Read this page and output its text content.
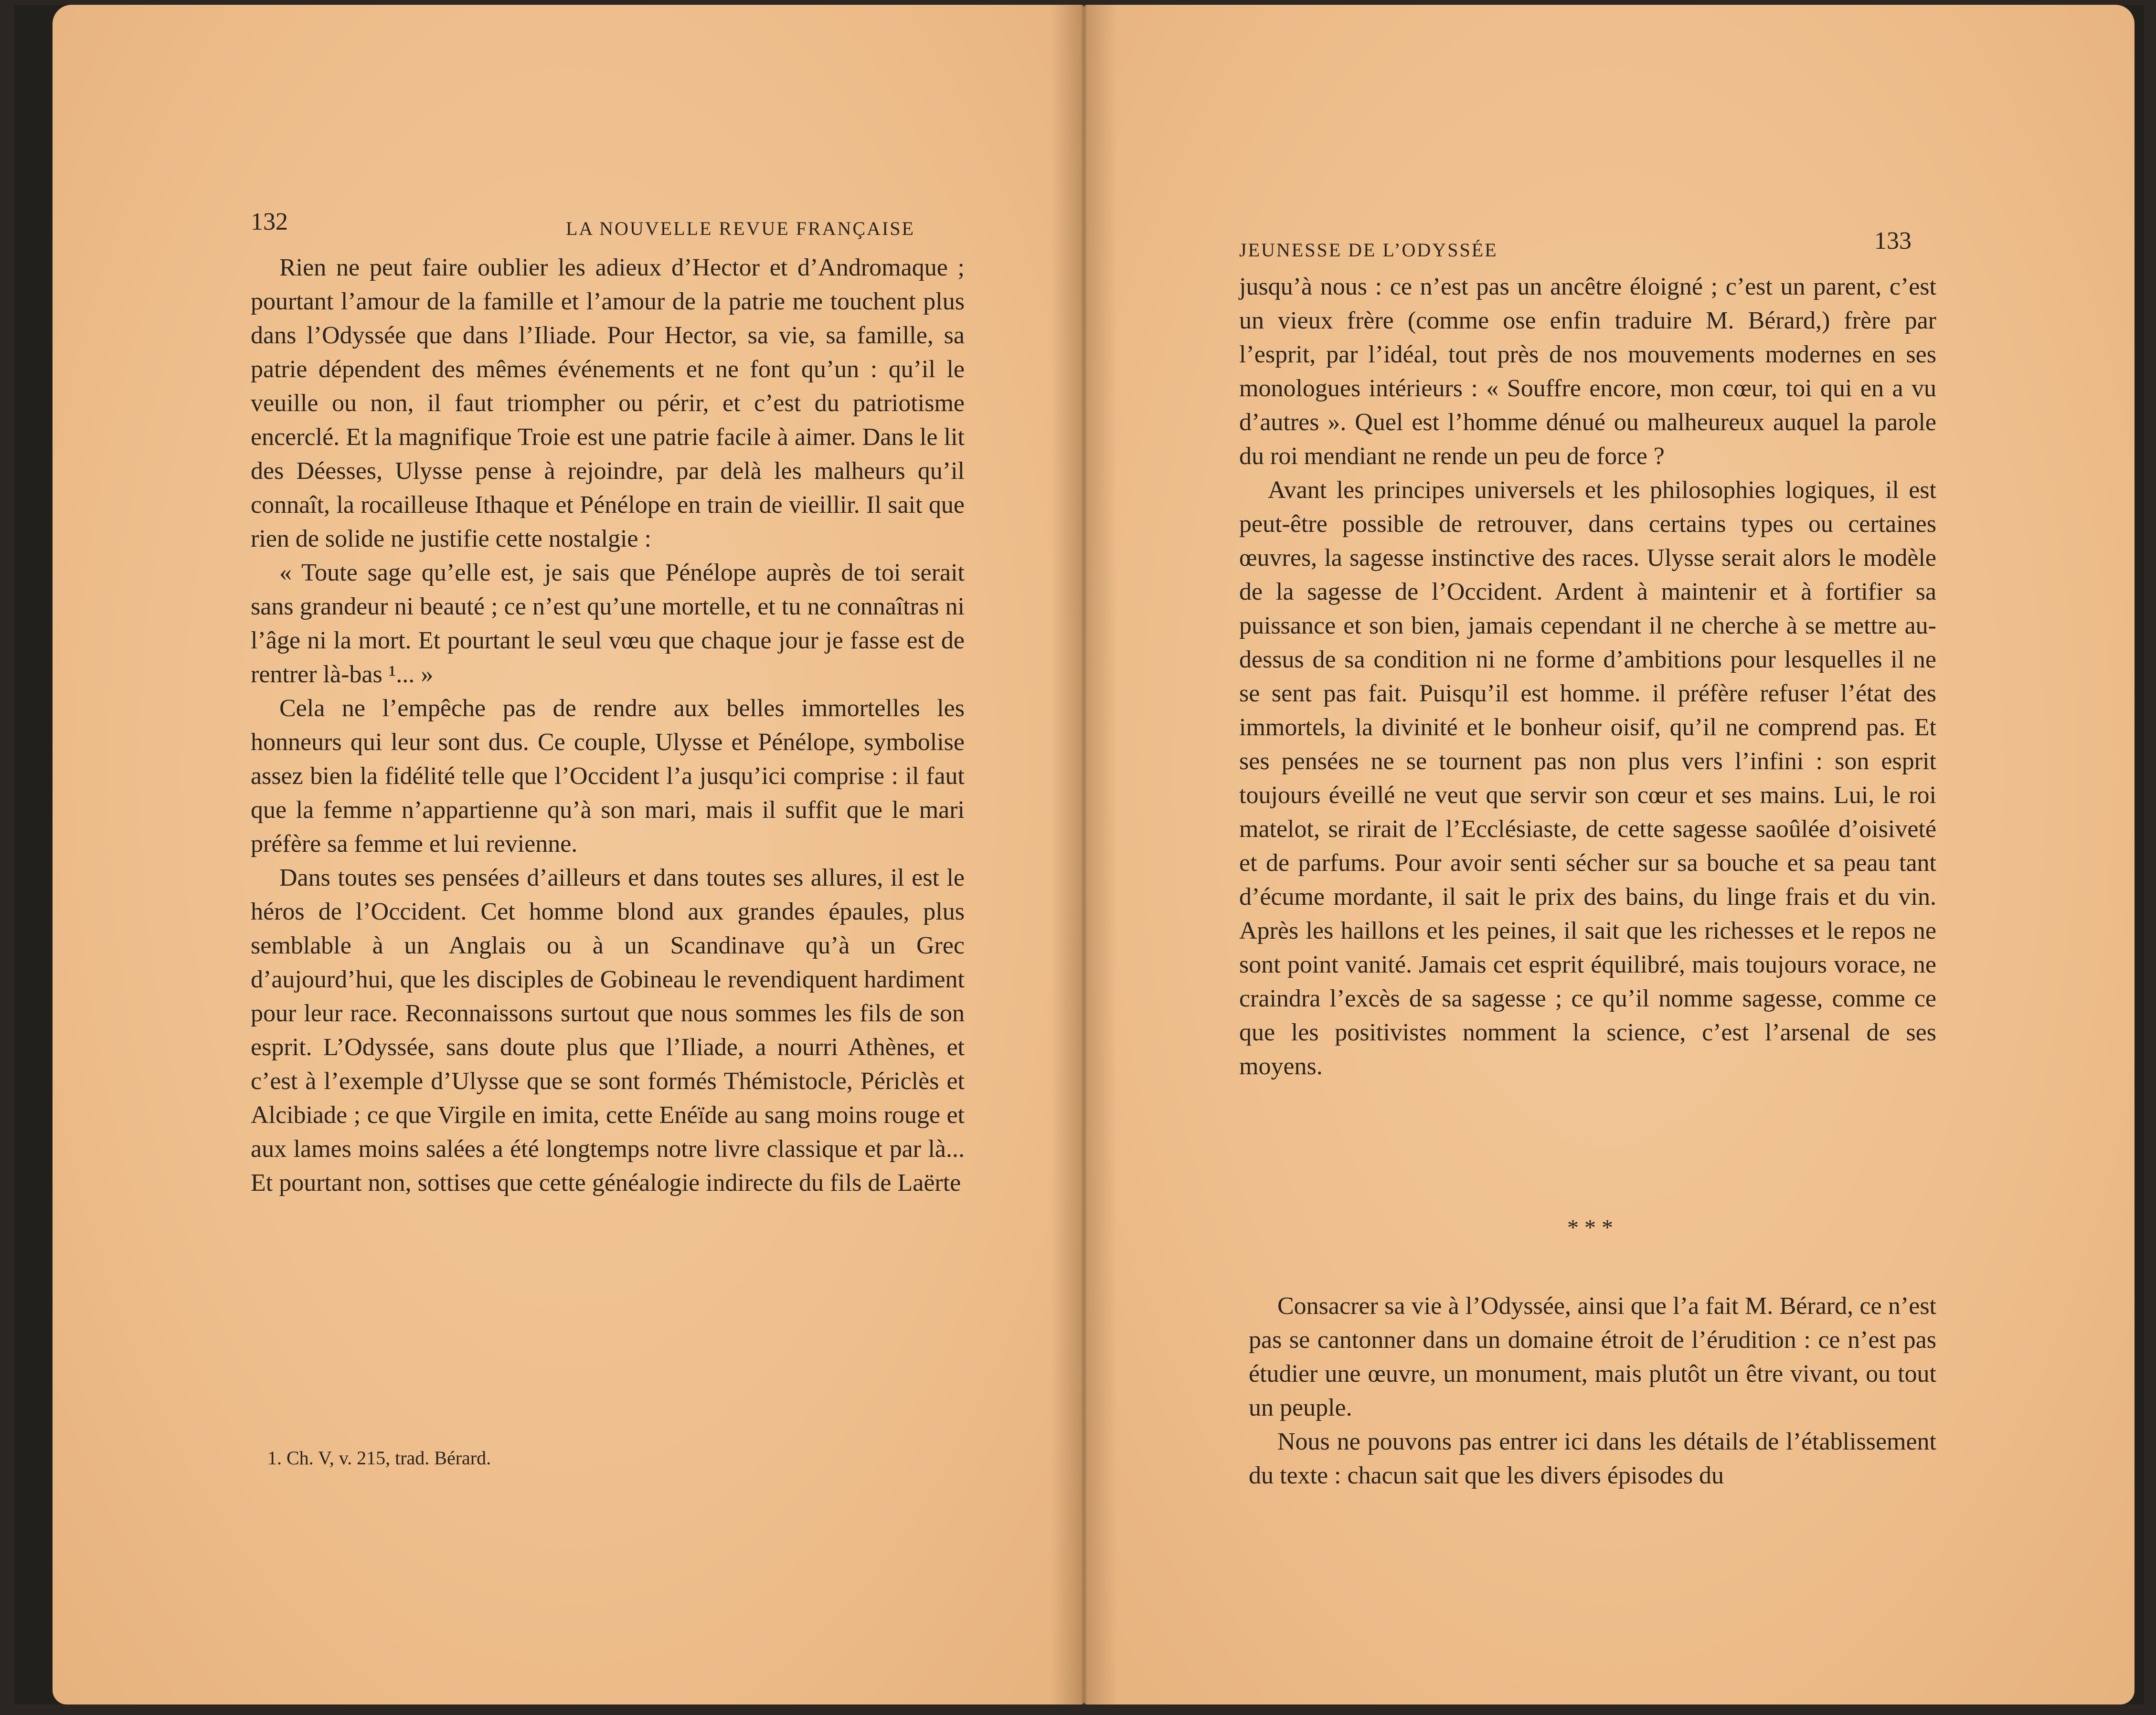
132	LA NOUVELLE REVUE FRANÇAISE

Rien ne peut faire oublier les adieux d’Hector et d’Andromaque ; pourtant l’amour de la famille et l’amour de la patrie me touchent plus dans l’Odyssée que dans l’Iliade. Pour Hector, sa vie, sa famille, sa patrie dépendent des mêmes événements et ne font qu’un : qu’il le veuille ou non, il faut triompher ou périr, et c’est du patriotisme encerclé. Et la magnifique Troie est une patrie facile à aimer. Dans le lit des Déesses, Ulysse pense à rejoindre, par delà les malheurs qu’il connaît, la rocailleuse Ithaque et Pénélope en train de vieillir. Il sait que rien de solide ne justifie cette nostalgie :

« Toute sage qu’elle est, je sais que Pénélope auprès de toi serait sans grandeur ni beauté ; ce n’est qu’une mortelle, et tu ne connaîtras ni l’âge ni la mort. Et pourtant le seul vœu que chaque jour je fasse est de rentrer là-bas ¹... »

Cela ne l’empêche pas de rendre aux belles immortelles les honneurs qui leur sont dus. Ce couple, Ulysse et Pénélope, symbolise assez bien la fidélité telle que l’Occident l’a jusqu’ici comprise : il faut que la femme n’appartienne qu’à son mari, mais il suffit que le mari préfère sa femme et lui revienne.

Dans toutes ses pensées d’ailleurs et dans toutes ses allures, il est le héros de l’Occident. Cet homme blond aux grandes épaules, plus semblable à un Anglais ou à un Scandinave qu’à un Grec d’aujourd’hui, que les disciples de Gobineau le revendiquent hardiment pour leur race. Reconnaissons surtout que nous sommes les fils de son esprit. L’Odyssée, sans doute plus que l’Iliade, a nourri Athènes, et c’est à l’exemple d’Ulysse que se sont formés Thémistocle, Périclès et Alcibiade ; ce que Virgile en imita, cette Enéïde au sang moins rouge et aux lames moins salées a été longtemps notre livre classique et par là... Et pourtant non, sottises que cette généalogie indirecte du fils de Laërte

1. Ch. V, v. 215, trad. Bérard.
JEUNESSE DE L’ODYSSÉE	133

jusqu’à nous : ce n’est pas un ancêtre éloigné ; c’est un parent, c’est un vieux frère (comme ose enfin traduire M. Bérard,) frère par l’esprit, par l’idéal, tout près de nos mouvements modernes en ses monologues intérieurs : « Souffre encore, mon cœur, toi qui en a vu d’autres ». Quel est l’homme dénué ou malheureux auquel la parole du roi mendiant ne rende un peu de force ?

Avant les principes universels et les philosophies logiques, il est peut-être possible de retrouver, dans certains types ou certaines œuvres, la sagesse instinctive des races. Ulysse serait alors le modèle de la sagesse de l’Occident. Ardent à maintenir et à fortifier sa puissance et son bien, jamais cependant il ne cherche à se mettre au-dessus de sa condition ni ne forme d’ambitions pour lesquelles il ne se sent pas fait. Puisqu’il est homme. il préfère refuser l’état des immortels, la divinité et le bonheur oisif, qu’il ne comprend pas. Et ses pensées ne se tournent pas non plus vers l’infini : son esprit toujours éveillé ne veut que servir son cœur et ses mains. Lui, le roi matelot, se rirait de l’Ecclésiaste, de cette sagesse saoûlée d’oisiveté et de parfums. Pour avoir senti sécher sur sa bouche et sa peau tant d’écume mordante, il sait le prix des bains, du linge frais et du vin. Après les haillons et les peines, il sait que les richesses et le repos ne sont point vanité. Jamais cet esprit équilibré, mais toujours vorace, ne craindra l’excès de sa sagesse ; ce qu’il nomme sagesse, comme ce que les positivistes nomment la science, c’est l’arsenal de ses moyens.

* * *

Consacrer sa vie à l’Odyssée, ainsi que l’a fait M. Bérard, ce n’est pas se cantonner dans un domaine étroit de l’érudition : ce n’est pas étudier une œuvre, un monument, mais plutôt un être vivant, ou tout un peuple.

Nous ne pouvons pas entrer ici dans les détails de l’établissement du texte : chacun sait que les divers épisodes du
